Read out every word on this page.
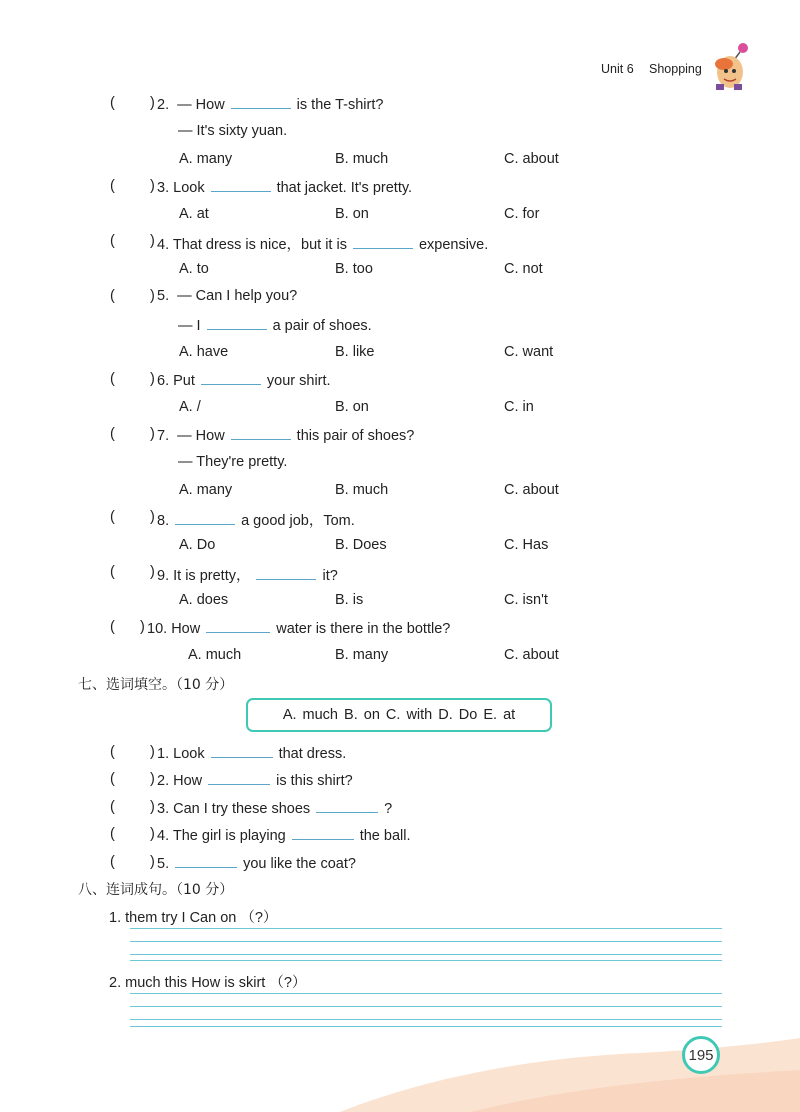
Unit 6 Shopping
( ) 2. — How	is the T-shirt?
— It's sixty yuan.
A. many	B. much	C. about
( ) 3. Look	that jacket. It's pretty.
A. at	B. on	C. for
( ) 4. That dress is nice，but it is	expensive.
A. to	B. too	C. not
( ) 5. — Can I help you?
— I	a pair of shoes.
A. have	B. like	C. want
( ) 6. Put	your shirt.
A. /	B. on	C. in
( ) 7. — How	this pair of shoes?
— They're pretty.
A. many	B. much	C. about
( ) 8.	a good job，Tom.
A. Do	B. Does	C. Has
( ) 9. It is pretty，	it?
A. does	B. is	C. isn't
( ) 10. How	water is there in the bottle?
A. much	B. many	C. about
七、选词填空。（10 分）
A. much B. on C. with D. Do E. at
( ) 1. Look	that dress.
( ) 2. How	is this shirt?
( ) 3. Can I try these shoes	?
( ) 4. The girl is playing	the ball.
( ) 5.	you like the coat?
八、连词成句。（10 分）
1. them try I Can on （?）
2. much this How is skirt （?）
195
